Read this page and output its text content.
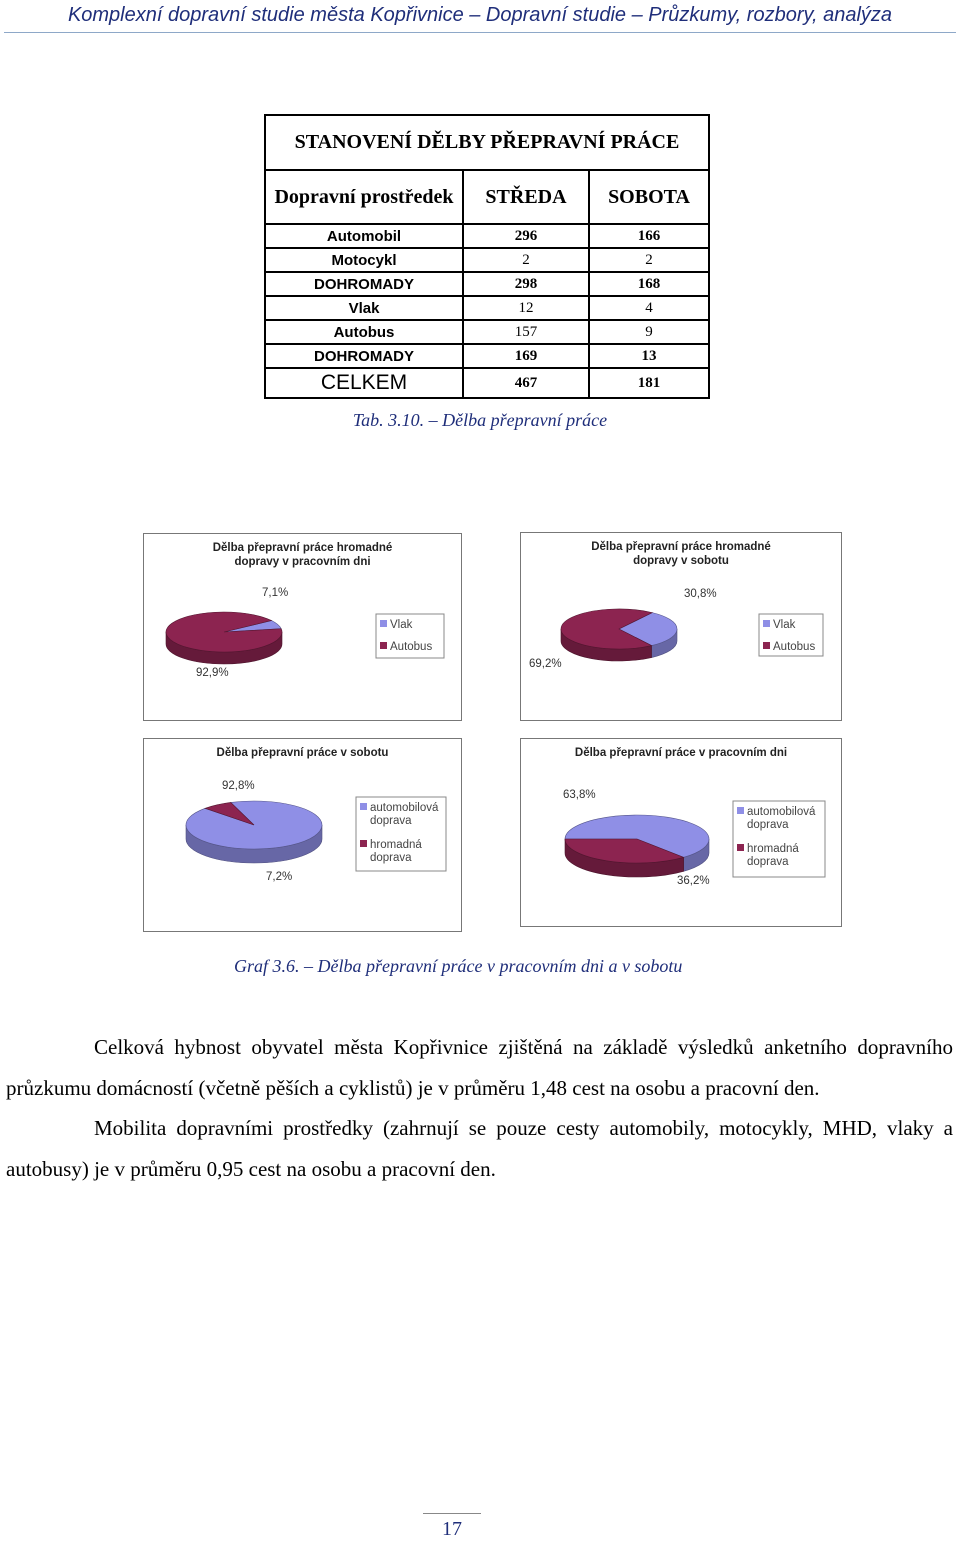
Komplexní dopravní studie města Kopřivnice – Dopravní studie – Průzkumy, rozbory, analýza
STANOVENÍ DĚLBY PŘEPRAVNÍ PRÁCE		
Dopravní prostředek	STŘEDA	SOBOTA
Automobil	296	166
Motocykl	2	2
DOHROMADY	298	168
Vlak	12	4
Autobus	157	9
DOHROMADY	169	13
CELKEM	467	181
Tab. 3.10. – Dělba přepravní práce
Dělba přepravní práce hromadné
dopravy v pracovním dni
7,1%
92,9%
Vlak
Autobus
Dělba přepravní práce hromadné
dopravy v sobotu
30,8%
69,2%
Vlak
Autobus
Dělba přepravní práce v sobotu
92,8%
7,2%
automobilová
doprava
hromadná
doprava
Dělba přepravní práce v pracovním dni
63,8%
36,2%
automobilová
doprava
hromadná
doprava
Graf 3.6. – Dělba přepravní práce v pracovním dni a v sobotu

Celková hybnost obyvatel města Kopřivnice zjištěná na základě výsledků anketního dopravního průzkumu domácností (včetně pěších a cyklistů) je v průměru 1,48 cest na osobu a pracovní den.

Mobilita dopravními prostředky (zahrnují se pouze cesty automobily, motocykly, MHD, vlaky a autobusy) je v průměru 0,95 cest na osobu a pracovní den.

17
